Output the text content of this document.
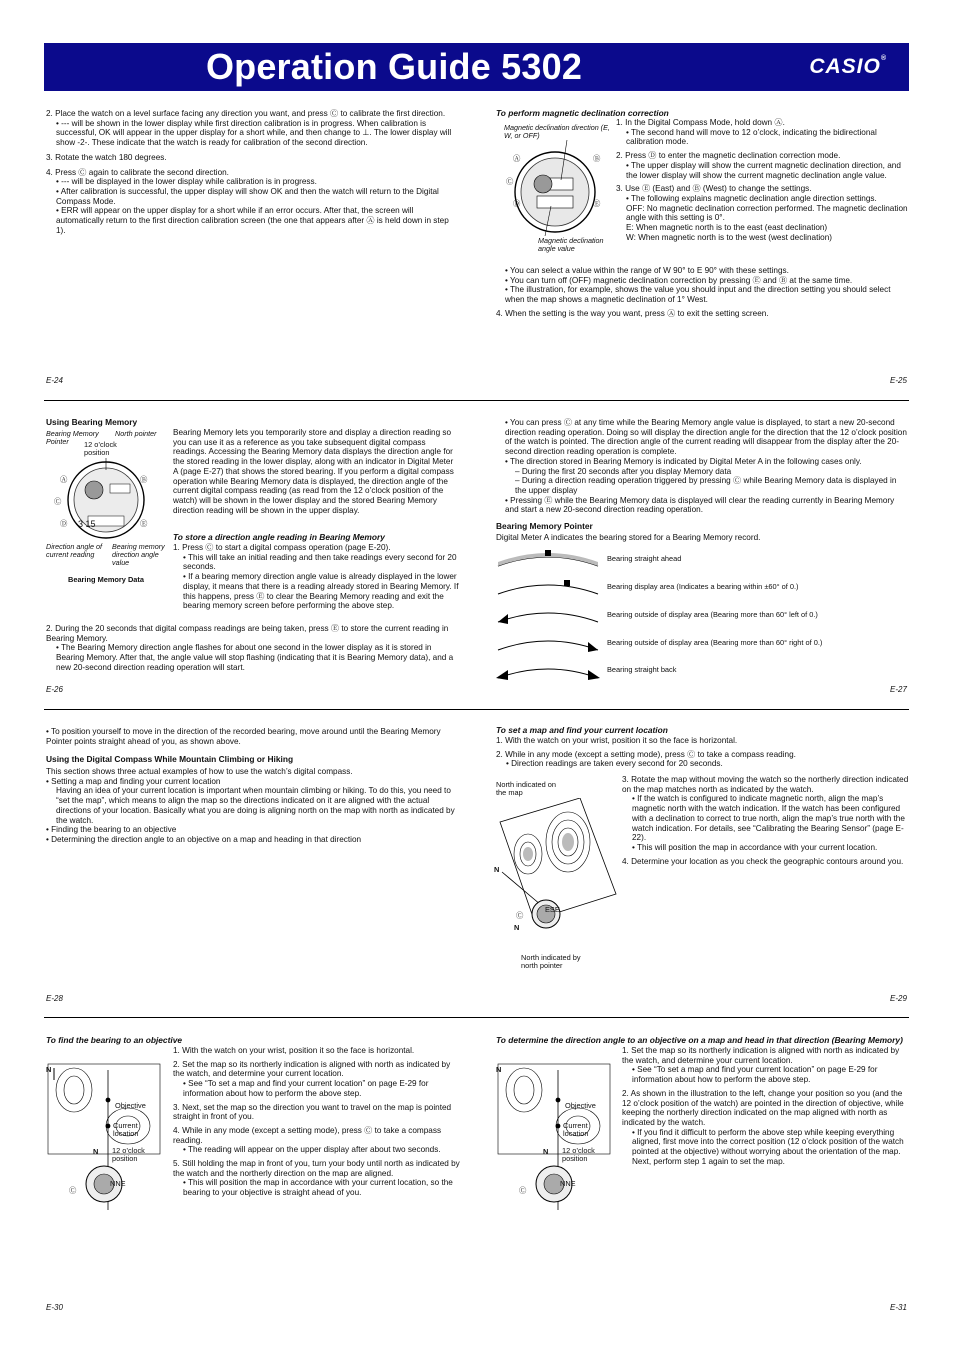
Operation Guide 5302	CASIO®

2. Place the watch on a level surface facing any direction you want, and press Ⓒ to calibrate the first direction.

• --- will be shown in the lower display while first direction calibration is in progress. When calibration is successful, OK will appear in the upper display for a short while, and then change to ⊥. The lower display will show -2-. These indicate that the watch is ready for calibration of the second direction.

3. Rotate the watch 180 degrees.

4. Press Ⓒ again to calibrate the second direction.

• --- will be displayed in the lower display while calibration is in progress.

• After calibration is successful, the upper display will show OK and then the watch will return to the Digital Compass Mode.

• ERR will appear on the upper display for a short while if an error occurs. After that, the screen will automatically return to the first direction calibration screen (the one that appears after Ⓐ is held down in step 1).

E-24
To perform magnetic declination correction
Magnetic declination direction (E, W, or OFF)
Ⓐ	Ⓑ
Ⓒ
Ⓓ	Ⓔ
Magnetic declination angle value

1. In the Digital Compass Mode, hold down Ⓐ.

• The second hand will move to 12 o’clock, indicating the bidirectional calibration mode.

2. Press Ⓓ to enter the magnetic declination correction mode.

• The upper display will show the current magnetic declination direction, and the lower display will show the current magnetic declination angle value.

3. Use Ⓔ (East) and Ⓑ (West) to change the settings.

• The following explains magnetic declination angle direction settings.

OFF: No magnetic declination correction performed. The magnetic declination angle with this setting is 0°.

E: When magnetic north is to the east (east declination)

W: When magnetic north is to the west (west declination)

• You can select a value within the range of W 90° to E 90° with these settings.

• You can turn off (OFF) magnetic declination correction by pressing Ⓔ and Ⓑ at the same time.

• The illustration, for example, shows the value you should input and the direction setting you should select when the map shows a magnetic declination of 1° West.

4. When the setting is the way you want, press Ⓐ to exit the setting screen.
E-25
Using Bearing Memory
Bearing Memory Pointer
North pointer
12 o’clock position
3 15
Ⓐ	Ⓑ
Ⓒ
Ⓓ	Ⓔ
Direction angle of current reading
Bearing memory direction angle value
Bearing Memory Data
Bearing Memory lets you temporarily store and display a direction reading so you can use it as a reference as you take subsequent digital compass readings. Accessing the Bearing Memory data displays the direction angle for the stored reading in the lower display, along with an indicator in Digital Meter A (page E-27) that shows the stored bearing. If you perform a digital compass operation while Bearing Memory data is displayed, the direction angle of the current digital compass reading (as read from the 12 o’clock position of the watch) will be shown in the lower display and the stored Bearing Memory direction reading will be shown in the upper display.
To store a direction angle reading in Bearing Memory

1. Press Ⓒ to start a digital compass operation (page E-20).

• This will take an initial reading and then take readings every second for 20 seconds.

• If a bearing memory direction angle value is already displayed in the lower display, it means that there is a reading already stored in Bearing Memory. If this happens, press Ⓔ to clear the Bearing Memory reading and exit the bearing memory screen before performing the above step.

2. During the 20 seconds that digital compass readings are being taken, press Ⓔ to store the current reading in Bearing Memory.

• The Bearing Memory direction angle flashes for about one second in the lower display as it is stored in Bearing Memory. After that, the angle value will stop flashing (indicating that it is Bearing Memory data), and a new 20-second direction reading operation will start.

E-26

• You can press Ⓒ at any time while the Bearing Memory angle value is displayed, to start a new 20-second direction reading operation. Doing so will display the direction angle for the direction that the 12 o’clock position of the watch is pointed. The direction angle of the current reading will disappear from the display after the 20-second direction reading operation is complete.

• The direction stored in Bearing Memory is indicated by Digital Meter A in the following cases only.

– During the first 20 seconds after you display Memory data

– During a direction reading operation triggered by pressing Ⓒ while Bearing Memory data is displayed in the upper display

• Pressing Ⓔ while the Bearing Memory data is displayed will clear the reading currently in Bearing Memory and start a new 20-second direction reading operation.

Bearing Memory Pointer
Digital Meter A indicates the bearing stored for a Bearing Memory record.
Bearing straight ahead
Bearing display area (Indicates a bearing within ±60° of 0.)
Bearing outside of display area (Bearing more than 60° left of 0.)
Bearing outside of display area (Bearing more than 60° right of 0.)
Bearing straight back
E-27
• To position yourself to move in the direction of the recorded bearing, move around until the Bearing Memory Pointer points straight ahead of you, as shown above.
Using the Digital Compass While Mountain Climbing or Hiking

This section shows three actual examples of how to use the watch’s digital compass.

• Setting a map and finding your current location

Having an idea of your current location is important when mountain climbing or hiking. To do this, you need to “set the map”, which means to align the map so the directions indicated on it are aligned with the actual directions of your location. Basically what you are doing is aligning north on the map with north as indicated by the watch.

• Finding the bearing to an objective

• Determining the direction angle to an objective on a map and heading in that direction

E-28
To set a map and find your current location

1. With the watch on your wrist, position it so the face is horizontal.

2. While in any mode (except a setting mode), press Ⓒ to take a compass reading.

• Direction readings are taken every second for 20 seconds.

North indicated on the map
ESE
N
Ⓒ
N
North indicated by north pointer

3. Rotate the map without moving the watch so the northerly direction indicated on the map matches north as indicated by the watch.

• If the watch is configured to indicate magnetic north, align the map’s magnetic north with the watch indication. If the watch has been configured with a declination to correct to true north, align the map’s true north with the watch indication. For details, see “Calibrating the Bearing Sensor” (page E-22).

• This will position the map in accordance with your current location.

4. Determine your location as you check the geographic contours around you.

E-29
To find the bearing to an objective
N
Objective
Current location
N 12 o’clock position
Ⓒ
NNE

1. With the watch on your wrist, position it so the face is horizontal.

2. Set the map so its northerly indication is aligned with north as indicated by the watch, and determine your current location.

• See “To set a map and find your current location” on page E-29 for information about how to perform the above step.

3. Next, set the map so the direction you want to travel on the map is pointed straight in front of you.

4. While in any mode (except a setting mode), press Ⓒ to take a compass reading.

• The reading will appear on the upper display after about two seconds.

5. Still holding the map in front of you, turn your body until north as indicated by the watch and the northerly direction on the map are aligned.

• This will position the map in accordance with your current location, so the bearing to your objective is straight ahead of you.

E-30
To determine the direction angle to an objective on a map and head in that direction (Bearing Memory)
N
Objective
Current location
N 12 o’clock position
Ⓒ
NNE

1. Set the map so its northerly indication is aligned with north as indicated by the watch, and determine your current location.

• See “To set a map and find your current location” on page E-29 for information about how to perform the above step.

2. As shown in the illustration to the left, change your position so you (and the 12 o’clock position of the watch) are pointed in the direction of objective, while keeping the northerly direction indicated on the map aligned with north as indicated by the watch.

• If you find it difficult to perform the above step while keeping everything aligned, first move into the correct position (12 o’clock position of the watch pointed at the objective) without worrying about the orientation of the map. Next, perform step 1 again to set the map.

E-31
